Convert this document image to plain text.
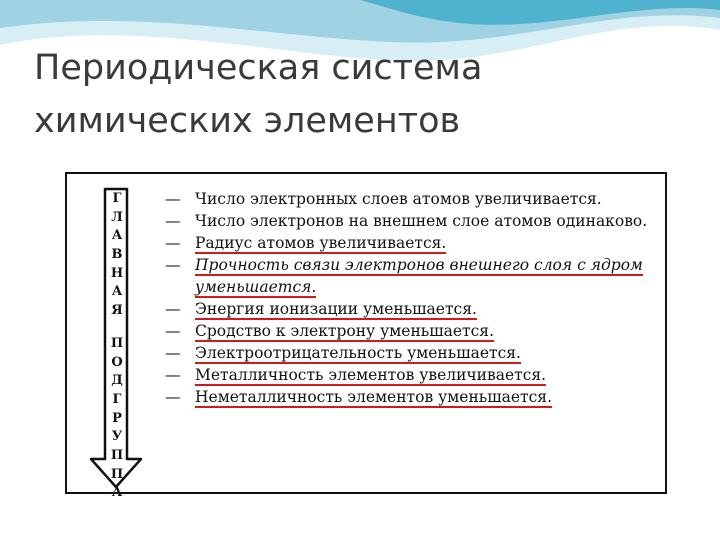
Периодическая система
химических элементов
Г
Л
А
В
Н
А
Я
П
О
Д
Г
Р
У
П
П
А
— Число электронных слоев атомов увеличивается.
— Число электронов на внешнем слое атомов одинаково.
— Радиус атомов увеличивается.
— Прочность связи электронов внешнего слоя с ядром уменьшается.
— Энергия ионизации уменьшается.
— Сродство к электрону уменьшается.
— Электроотрицательность уменьшается.
— Металличность элементов увеличивается.
— Неметалличность элементов уменьшается.
